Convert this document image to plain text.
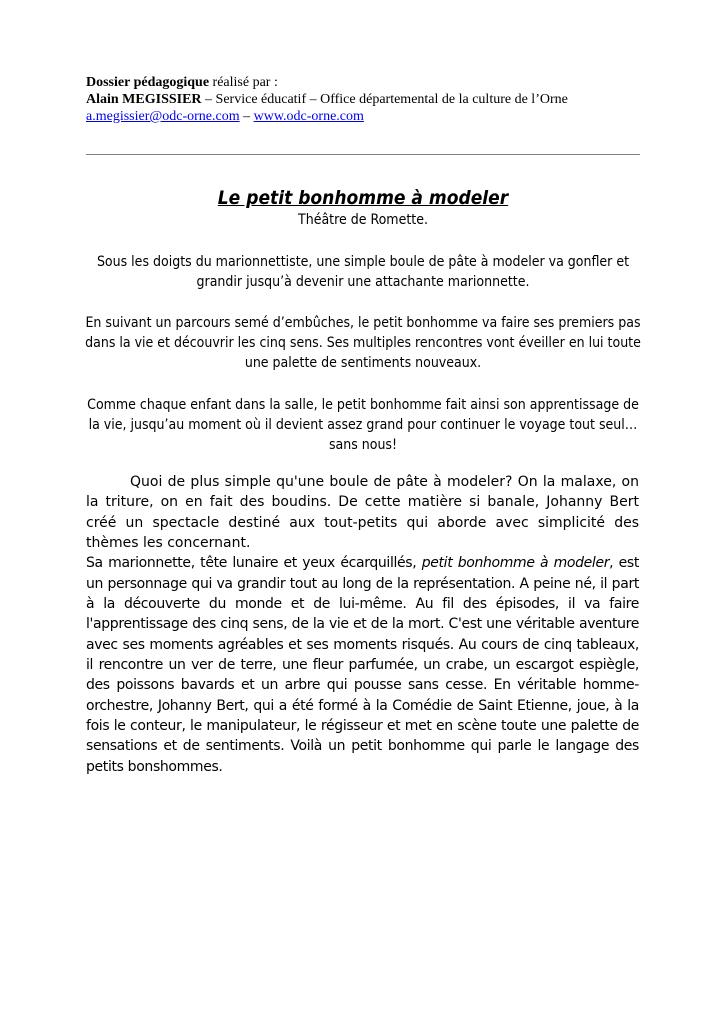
Dossier pédagogique réalisé par :
Alain MEGISSIER – Service éducatif – Office départemental de la culture de l’Orne
a.megissier@odc-orne.com – www.odc-orne.com
Le petit bonhomme à modeler
Théâtre de Romette.
Sous les doigts du marionnettiste, une simple boule de pâte à modeler va gonfler et grandir jusqu’à devenir une attachante marionnette.
En suivant un parcours semé d’embûches, le petit bonhomme va faire ses premiers pas dans la vie et découvrir les cinq sens. Ses multiples rencontres vont éveiller en lui toute une palette de sentiments nouveaux.
Comme chaque enfant dans la salle, le petit bonhomme fait ainsi son apprentissage de la vie, jusqu’au moment où il devient assez grand pour continuer le voyage tout seul… sans nous!

Quoi de plus simple qu'une boule de pâte à modeler? On la malaxe, on la triture, on en fait des boudins. De cette matière si banale, Johanny Bert créé un spectacle destiné aux tout-petits qui aborde avec simplicité des thèmes les concernant.

Sa marionnette, tête lunaire et yeux écarquillés, petit bonhomme à modeler, est un personnage qui va grandir tout au long de la représentation. A peine né, il part à la découverte du monde et de lui-même. Au fil des épisodes, il va faire l'apprentissage des cinq sens, de la vie et de la mort. C'est une véritable aventure avec ses moments agréables et ses moments risqués. Au cours de cinq tableaux, il rencontre un ver de terre, une fleur parfumée, un crabe, un escargot espiègle, des poissons bavards et un arbre qui pousse sans cesse. En véritable homme-orchestre, Johanny Bert, qui a été formé à la Comédie de Saint Etienne, joue, à la fois le conteur, le manipulateur, le régisseur et met en scène toute une palette de sensations et de sentiments. Voilà un petit bonhomme qui parle le langage des petits bonshommes.
